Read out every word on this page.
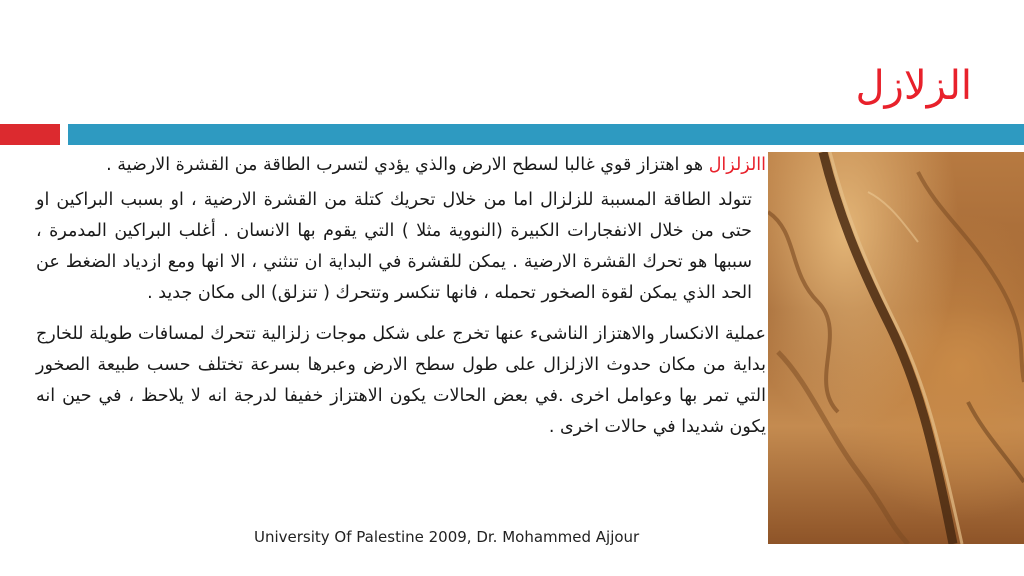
الزلازل

االزلزال هو اهتزاز قوي غالبا لسطح الارض والذي يؤدي لتسرب الطاقة من القشرة الارضية .

تتولد الطاقة المسببة للزلزال اما من خلال تحريك كتلة من القشرة الارضية ، او بسبب البراكين او حتى من خلال الانفجارات الكبيرة (النووية مثلا ) التي يقوم بها الانسان . أغلب البراكين المدمرة ، سببها هو تحرك القشرة الارضية . يمكن للقشرة في البداية ان تنثني ، الا انها ومع ازدياد الضغط عن الحد الذي يمكن لقوة الصخور تحمله ، فانها تنكسر وتتحرك ( تنزلق) الى مكان جديد .

عملية الانكسار والاهتزاز الناشىء عنها تخرج على شكل موجات زلزالية تتحرك لمسافات طويلة للخارج بداية من مكان حدوث الازلزال على طول سطح الارض وعبرها بسرعة تختلف حسب طبيعة الصخور التي تمر بها وعوامل اخرى .في بعض الحالات يكون الاهتزاز خفيفا لدرجة انه لا يلاحظ ، في حين انه يكون شديدا في حالات اخرى .

University Of Palestine 2009, Dr. Mohammed Ajjour
